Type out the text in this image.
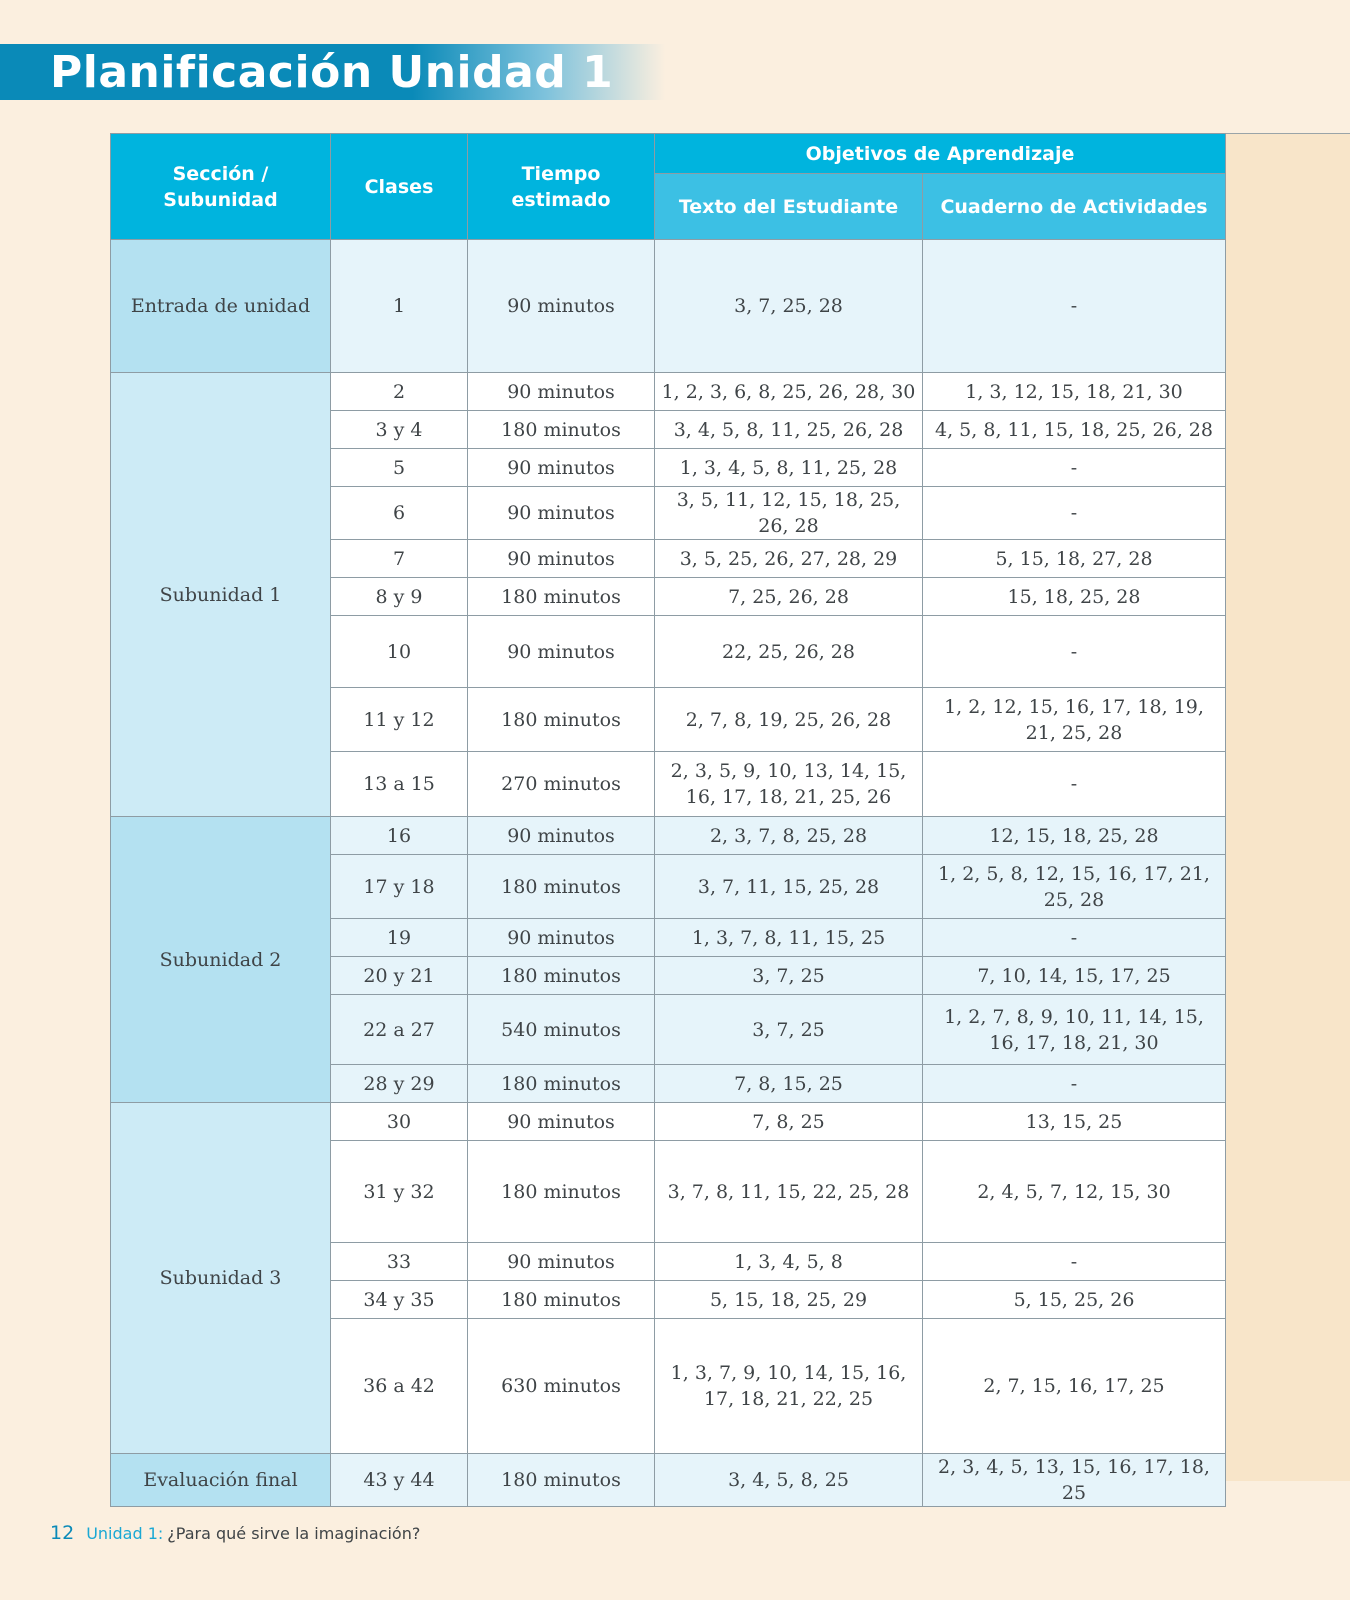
Planificación Unidad 1
Sección / Subunidad	Clases	Tiempo estimado	Objetivos de Aprendizaje	
			Texto del Estudiante	Cuaderno de Actividades
Entrada de unidad	1	90 minutos	3, 7, 25, 28	-
Subunidad 1	2	90 minutos	1, 2, 3, 6, 8, 25, 26, 28, 30	1, 3, 12, 15, 18, 21, 30
	3 y 4	180 minutos	3, 4, 5, 8, 11, 25, 26, 28	4, 5, 8, 11, 15, 18, 25, 26, 28
	5	90 minutos	1, 3, 4, 5, 8, 11, 25, 28	-
	6	90 minutos	3, 5, 11, 12, 15, 18, 25, 26, 28	-
	7	90 minutos	3, 5, 25, 26, 27, 28, 29	5, 15, 18, 27, 28
	8 y 9	180 minutos	7, 25, 26, 28	15, 18, 25, 28
	10	90 minutos	22, 25, 26, 28	-
	11 y 12	180 minutos	2, 7, 8, 19, 25, 26, 28	1, 2, 12, 15, 16, 17, 18, 19, 21, 25, 28
	13 a 15	270 minutos	2, 3, 5, 9, 10, 13, 14, 15, 16, 17, 18, 21, 25, 26	-
Subunidad 2	16	90 minutos	2, 3, 7, 8, 25, 28	12, 15, 18, 25, 28
	17 y 18	180 minutos	3, 7, 11, 15, 25, 28	1, 2, 5, 8, 12, 15, 16, 17, 21, 25, 28
	19	90 minutos	1, 3, 7, 8, 11, 15, 25	-
	20 y 21	180 minutos	3, 7, 25	7, 10, 14, 15, 17, 25
	22 a 27	540 minutos	3, 7, 25	1, 2, 7, 8, 9, 10, 11, 14, 15, 16, 17, 18, 21, 30
	28 y 29	180 minutos	7, 8, 15, 25	-
Subunidad 3	30	90 minutos	7, 8, 25	13, 15, 25
	31 y 32	180 minutos	3, 7, 8, 11, 15, 22, 25, 28	2, 4, 5, 7, 12, 15, 30
	33	90 minutos	1, 3, 4, 5, 8	-
	34 y 35	180 minutos	5, 15, 18, 25, 29	5, 15, 25, 26
	36 a 42	630 minutos	1, 3, 7, 9, 10, 14, 15, 16, 17, 18, 21, 22, 25	2, 7, 15, 16, 17, 25
Evaluación final	43 y 44	180 minutos	3, 4, 5, 8, 25	2, 3, 4, 5, 13, 15, 16, 17, 18, 25
12 Unidad 1: ¿Para qué sirve la imaginación?
